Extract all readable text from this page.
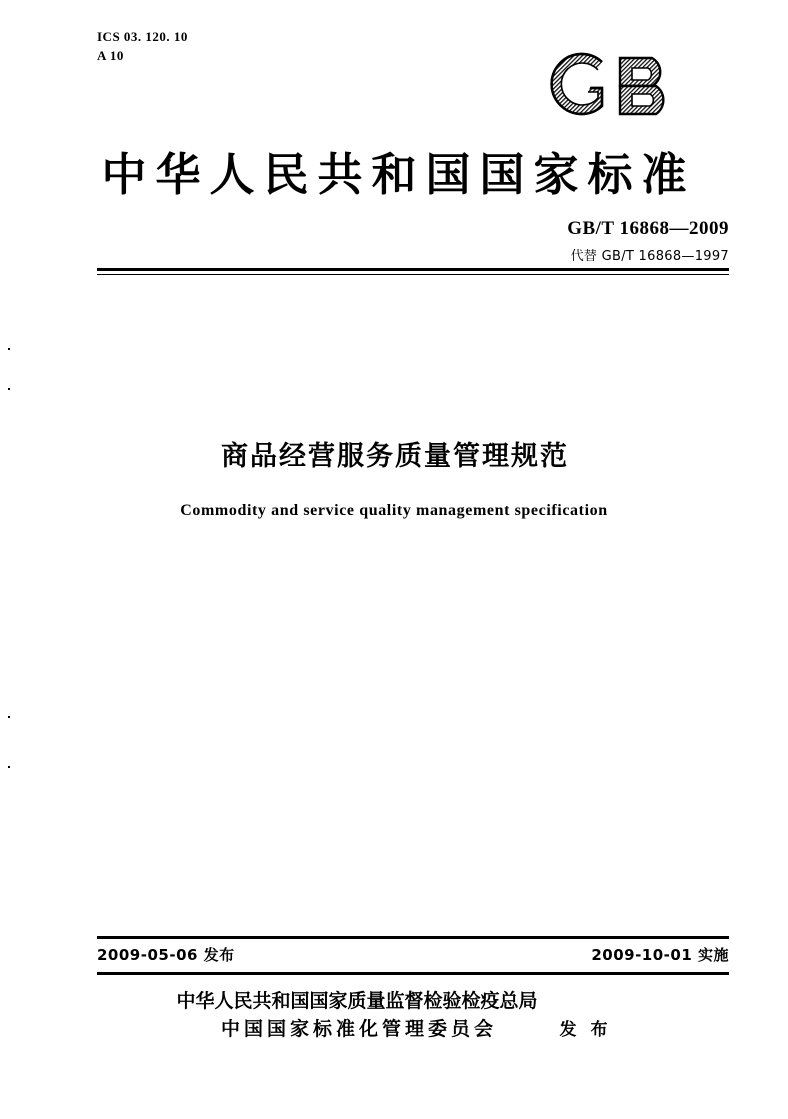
ICS 03. 120. 10
A 10
中华人民共和国国家标准
GB/T 16868—2009
代替 GB/T 16868—1997
商品经营服务质量管理规范
Commodity and service quality management specification
2009-05-06 发布	2009-10-01 实施
中华人民共和国国家质量监督检验检疫总局
中国国家标准化管理委员会	发 布
